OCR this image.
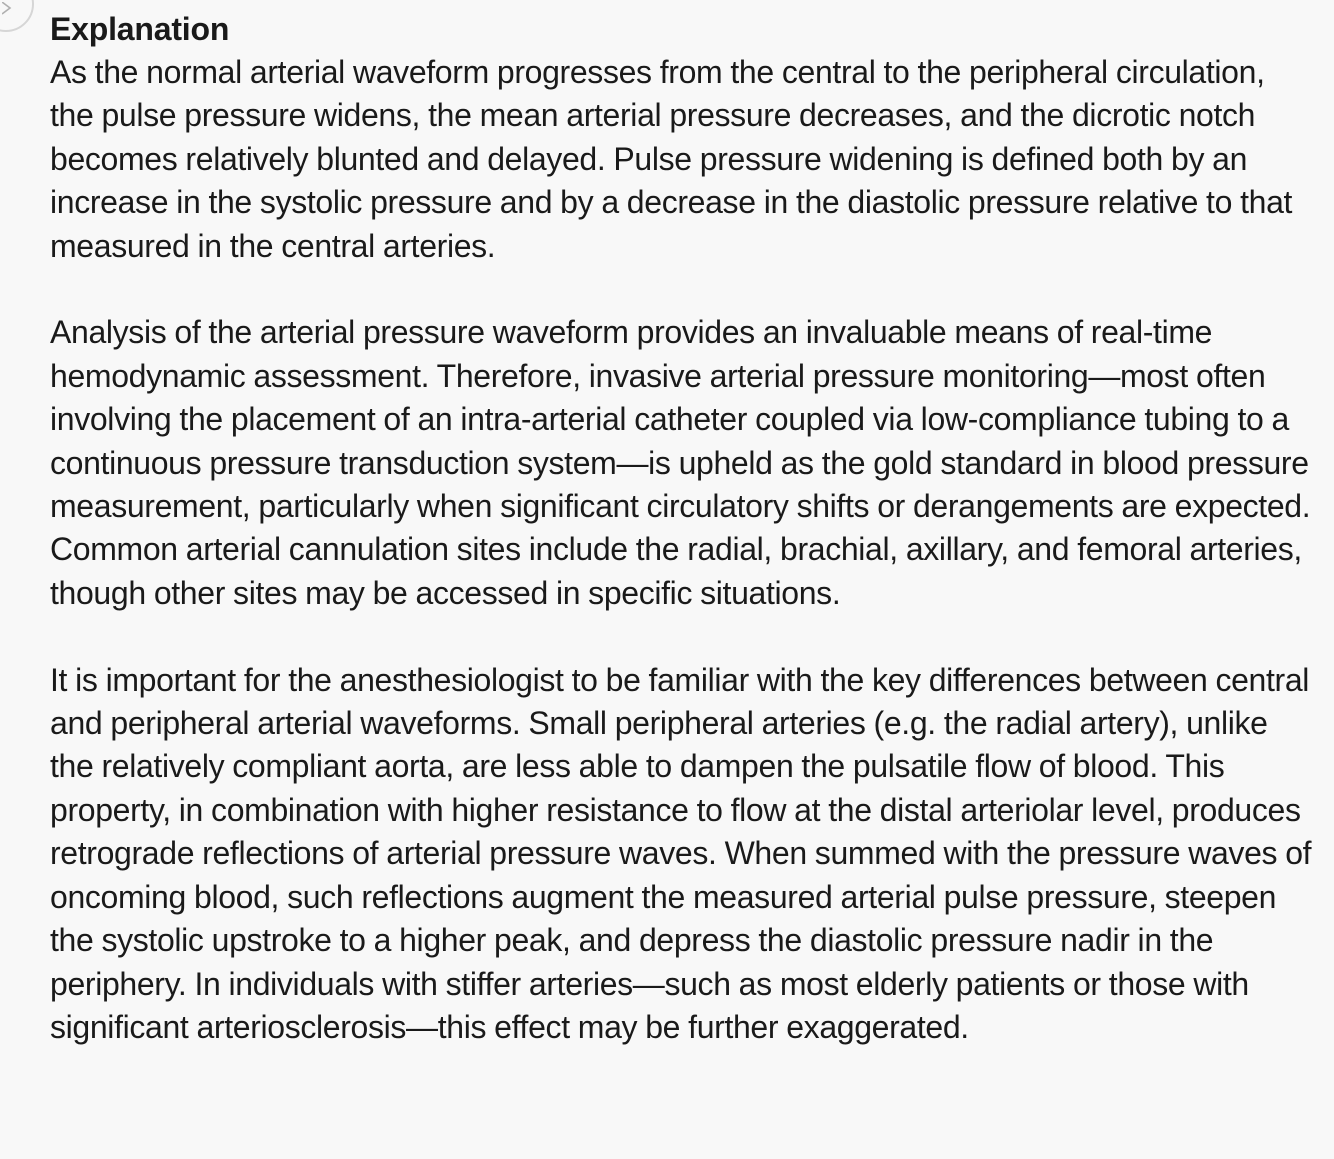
Explanation

As the normal arterial waveform progresses from the central to the peripheral circulation, the pulse pressure widens, the mean arterial pressure decreases, and the dicrotic notch becomes relatively blunted and delayed. Pulse pressure widening is defined both by an increase in the systolic pressure and by a decrease in the diastolic pressure relative to that measured in the central arteries.

Analysis of the arterial pressure waveform provides an invaluable means of real-time hemodynamic assessment. Therefore, invasive arterial pressure monitoring—most often involving the placement of an intra-arterial catheter coupled via low-compliance tubing to a continuous pressure transduction system—is upheld as the gold standard in blood pressure measurement, particularly when significant circulatory shifts or derangements are expected. Common arterial cannulation sites include the radial, brachial, axillary, and femoral arteries, though other sites may be accessed in specific situations.

It is important for the anesthesiologist to be familiar with the key differences between central and peripheral arterial waveforms. Small peripheral arteries (e.g. the radial artery), unlike the relatively compliant aorta, are less able to dampen the pulsatile flow of blood. This property, in combination with higher resistance to flow at the distal arteriolar level, produces retrograde reflections of arterial pressure waves. When summed with the pressure waves of oncoming blood, such reflections augment the measured arterial pulse pressure, steepen the systolic upstroke to a higher peak, and depress the diastolic pressure nadir in the periphery. In individuals with stiffer arteries—such as most elderly patients or those with significant arteriosclerosis—this effect may be further exaggerated.
